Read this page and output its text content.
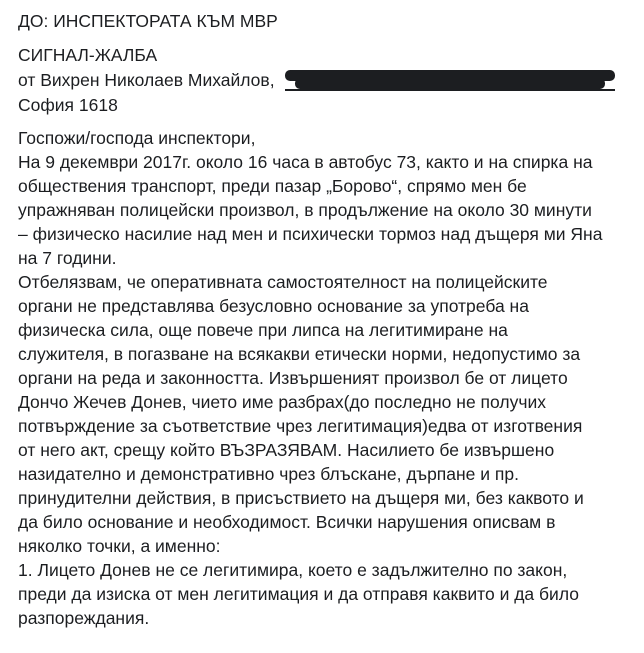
ДО: ИНСПЕКТОРАТА КЪМ МВР
СИГНАЛ-ЖАЛБА
от Вихрен Николаев Михайлов,
София 1618
Госпожи/господа инспектори,
На 9 декември 2017г. около 16 часа в автобус 73, както и на спирка на
обществения транспорт, преди пазар „Борово“, спрямо мен бе
упражняван полицейски произвол, в продължение на около 30 минути
– физическо насилие над мен и психически тормоз над дъщеря ми Яна
на 7 години.
Отбелязвам, че оперативната самостоятелност на полицейските
органи не представлява безусловно основание за употреба на
физическа сила, още повече при липса на легитимиране на
служителя, в погазване на всякакви етически норми, недопустимо за
органи на реда и законността. Извършеният произвол бе от лицето
Дончо Жечев Донев, чието име разбрах(до последно не получих
потвърждение за съответствие чрез легитимация)едва от изготвения
от него акт, срещу който ВЪЗРАЗЯВАМ. Насилието бе извършено
назидателно и демонстративно чрез блъскане, дърпане и пр.
принудителни действия, в присъствието на дъщеря ми, без каквото и
да било основание и необходимост. Всички нарушения описвам в
няколко точки, а именно:
1. Лицето Донев не се легитимира, което е задължително по закон,
преди да изиска от мен легитимация и да отправя каквито и да било
разпореждания.
